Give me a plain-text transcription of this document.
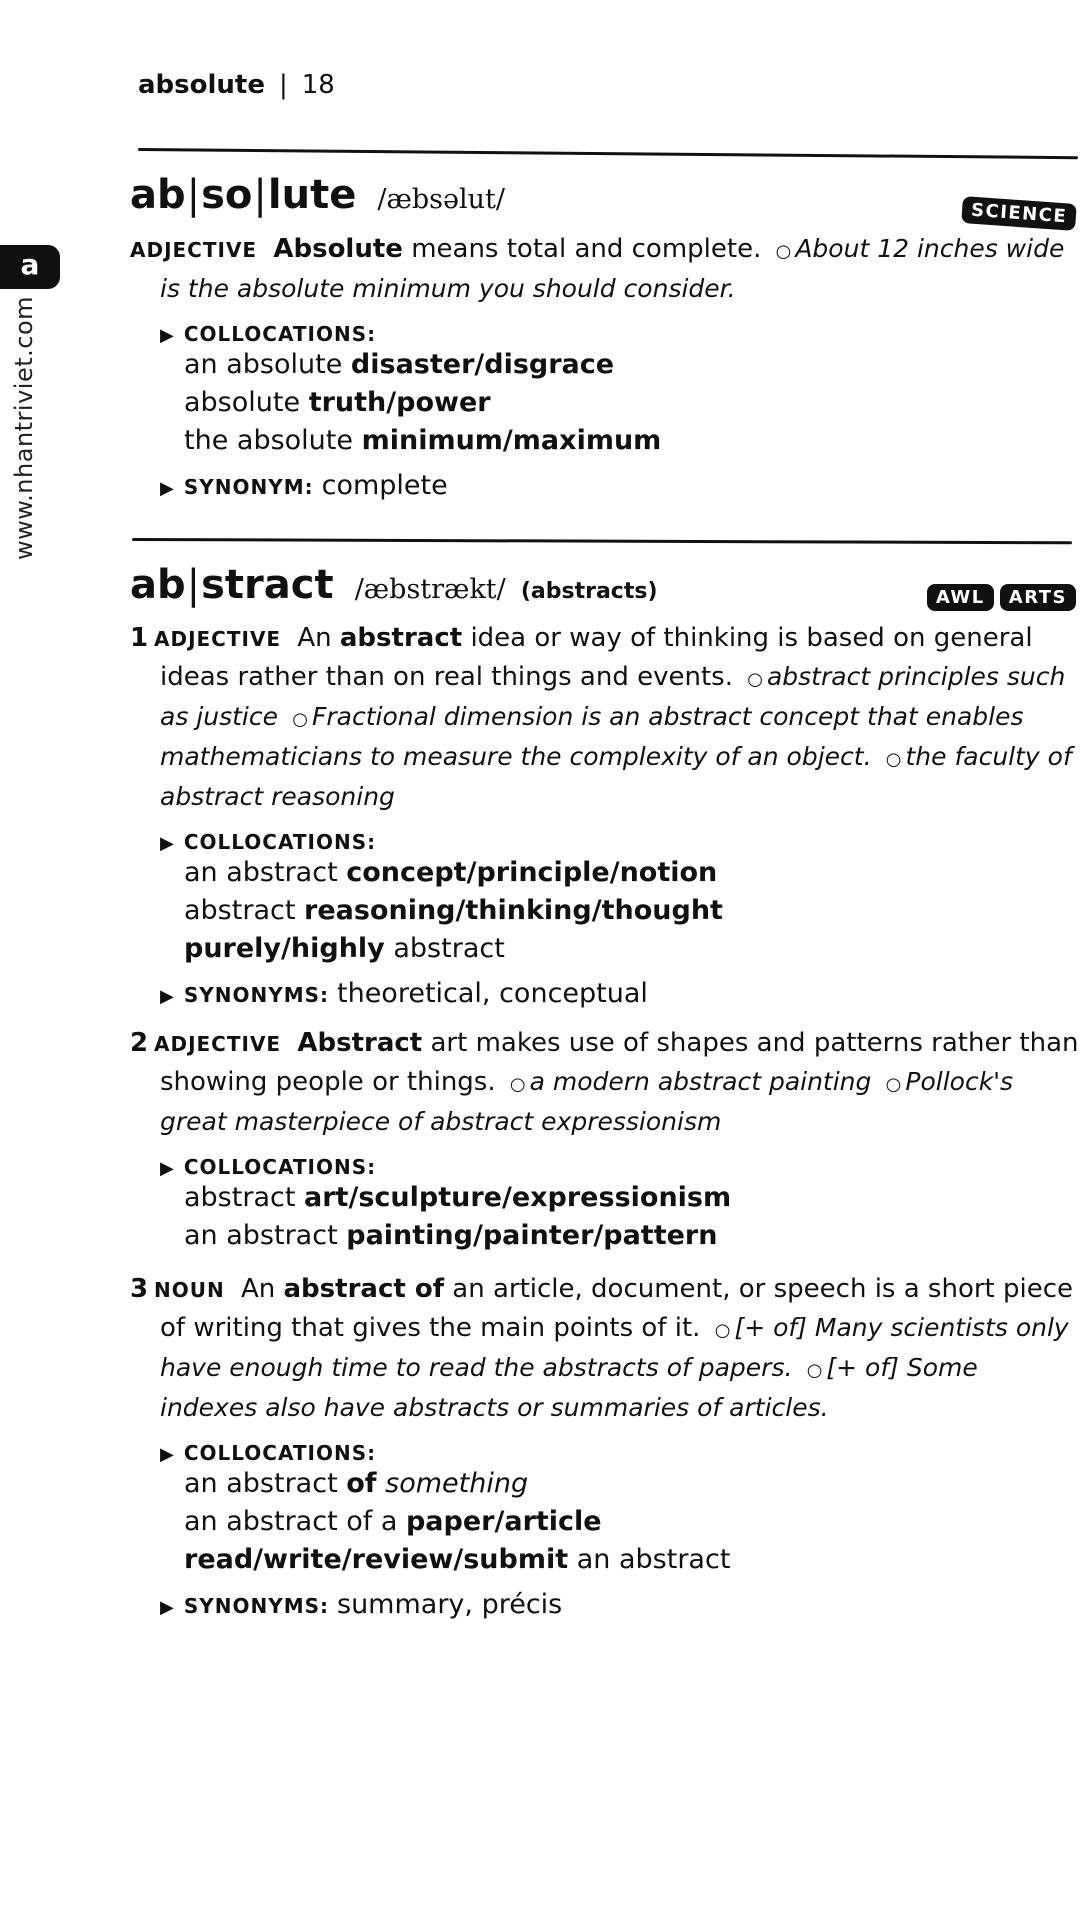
absolute | 18
a
www.nhantriviet.com
ab|so|lute /æbsəlut/	SCIENCE
ADJECTIVE Absolute means total and complete. ○ About 12 inches wide is the absolute minimum you should consider.
▶ COLLOCATIONS:
an absolute disaster/disgrace
absolute truth/power
the absolute minimum/maximum
▶ SYNONYM: complete
ab|stract /æbstrækt/ (abstracts)	AWL	ARTS
1 ADJECTIVE An abstract idea or way of thinking is based on general ideas rather than on real things and events. ○ abstract principles such as justice ○ Fractional dimension is an abstract concept that enables mathematicians to measure the complexity of an object. ○ the faculty of abstract reasoning
▶ COLLOCATIONS:
an abstract concept/principle/notion
abstract reasoning/thinking/thought
purely/highly abstract
▶ SYNONYMS: theoretical, conceptual
2 ADJECTIVE Abstract art makes use of shapes and patterns rather than showing people or things. ○ a modern abstract painting ○ Pollock's great masterpiece of abstract expressionism
▶ COLLOCATIONS:
abstract art/sculpture/expressionism
an abstract painting/painter/pattern
3 NOUN An abstract of an article, document, or speech is a short piece of writing that gives the main points of it. ○ [+ of] Many scientists only have enough time to read the abstracts of papers. ○ [+ of] Some indexes also have abstracts or summaries of articles.
▶ COLLOCATIONS:
an abstract of something
an abstract of a paper/article
read/write/review/submit an abstract
▶ SYNONYMS: summary, précis
